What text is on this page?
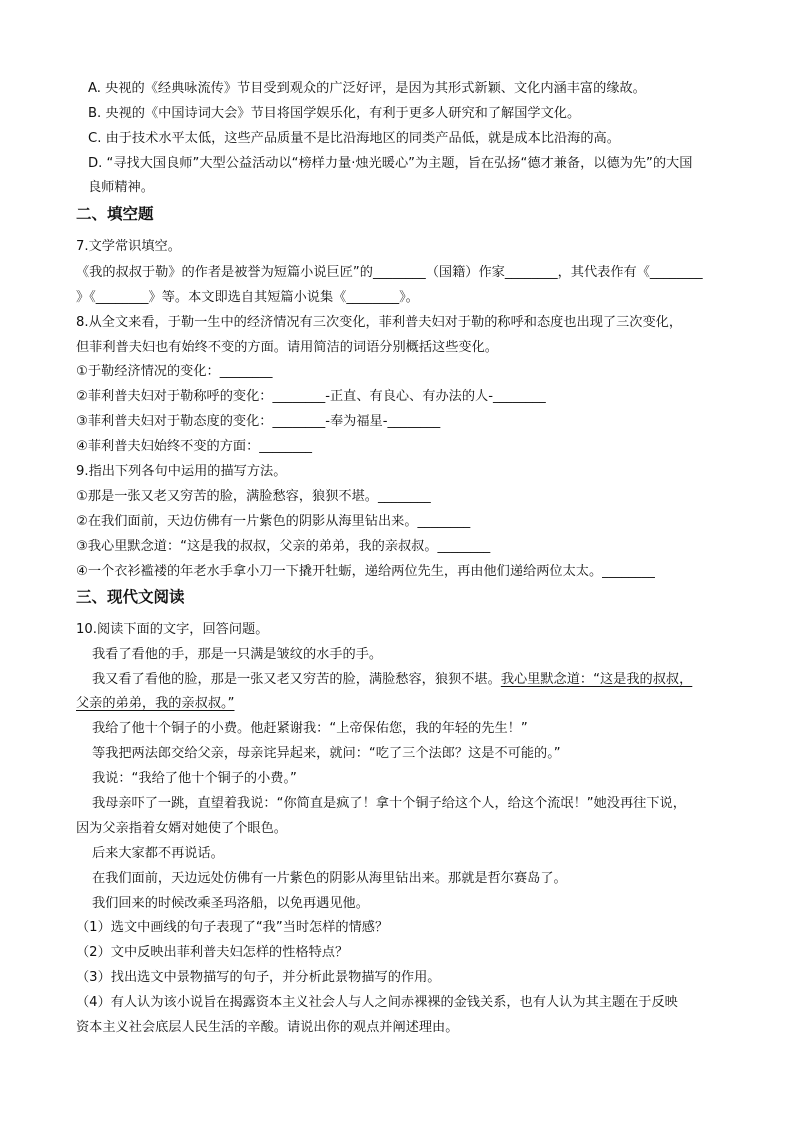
A. 央视的《经典咏流传》节目受到观众的广泛好评，是因为其形式新颖、文化内涵丰富的缘故。
B. 央视的《中国诗词大会》节目将国学娱乐化，有利于更多人研究和了解国学文化。
C. 由于技术水平太低，这些产品质量不是比沿海地区的同类产品低，就是成本比沿海的高。
D. “寻找大国良师”大型公益活动以“榜样力量·烛光暖心”为主题，旨在弘扬“德才兼备，以德为先”的大国
良师精神。
二、填空题
7.文学常识填空。
《我的叔叔于勒》的作者是被誉为短篇小说巨匠”的________（国籍）作家________，其代表作有《________
》《________》等。本文即选自其短篇小说集《________》。
8.从全文来看，于勒一生中的经济情况有三次变化，菲利普夫妇对于勒的称呼和态度也出现了三次变化，
但菲利普夫妇也有始终不变的方面。请用简洁的词语分别概括这些变化。
①于勒经济情况的变化：________
②菲利普夫妇对于勒称呼的变化：________-正直、有良心、有办法的人-________
③菲利普夫妇对于勒态度的变化：________-奉为福星-________
④菲利普夫妇始终不变的方面：________
9.指出下列各句中运用的描写方法。
①那是一张又老又穷苦的脸，满脸愁容，狼狈不堪。________
②在我们面前，天边仿佛有一片紫色的阴影从海里钻出来。________
③我心里默念道：“这是我的叔叔，父亲的弟弟，我的亲叔叔。________
④一个衣衫褴褛的年老水手拿小刀一下撬开牡蛎，递给两位先生，再由他们递给两位太太。________
三、现代文阅读
10.阅读下面的文字，回答问题。
我看了看他的手，那是一只满是皱纹的水手的手。
我又看了看他的脸，那是一张又老又穷苦的脸，满脸愁容，狼狈不堪。我心里默念道：“这是我的叔叔，
父亲的弟弟，我的亲叔叔。”
我给了他十个铜子的小费。他赶紧谢我：“上帝保佑您，我的年轻的先生！”
等我把两法郎交给父亲，母亲诧异起来，就问：“吃了三个法郎？这是不可能的。”
我说：“我给了他十个铜子的小费。”
我母亲吓了一跳，直望着我说：“你简直是疯了！拿十个铜子给这个人，给这个流氓！”她没再往下说，
因为父亲指着女婿对她使了个眼色。
后来大家都不再说话。
在我们面前，天边远处仿佛有一片紫色的阴影从海里钻出来。那就是哲尔赛岛了。
我们回来的时候改乘圣玛洛船，以免再遇见他。
（1）选文中画线的句子表现了“我”当时怎样的情感？
（2）文中反映出菲利普夫妇怎样的性格特点？
（3）找出选文中景物描写的句子，并分析此景物描写的作用。
（4）有人认为该小说旨在揭露资本主义社会人与人之间赤裸裸的金钱关系，也有人认为其主题在于反映
资本主义社会底层人民生活的辛酸。请说出你的观点并阐述理由。
